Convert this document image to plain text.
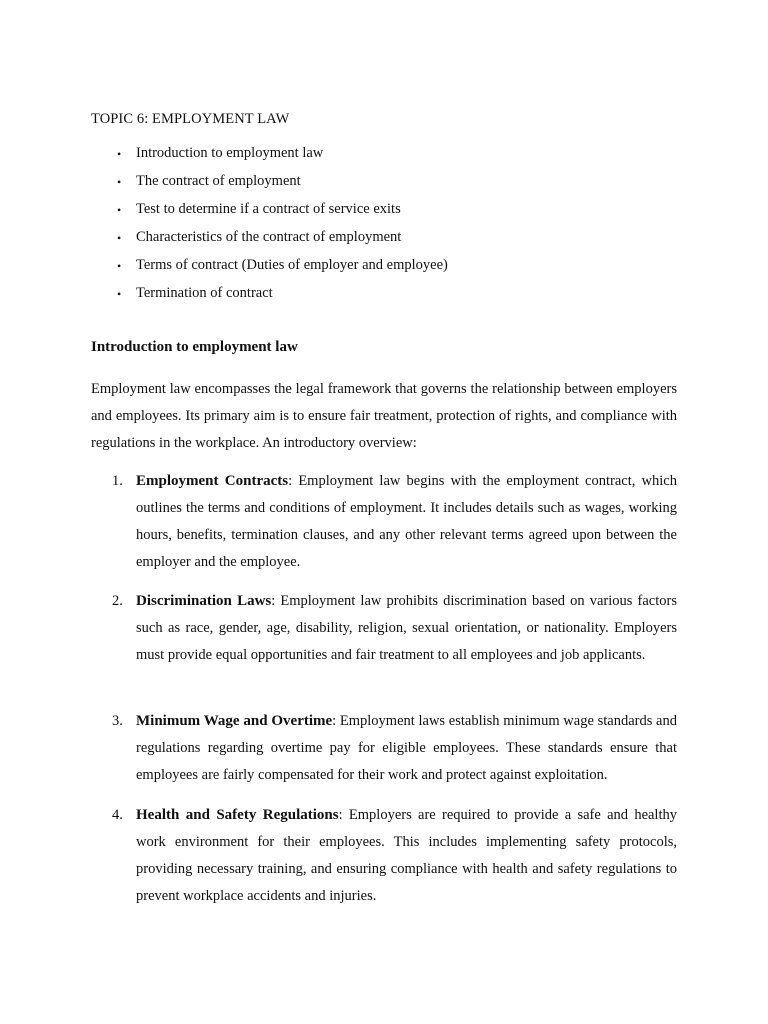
TOPIC 6: EMPLOYMENT LAW
• Introduction to employment law
• The contract of employment
• Test to determine if a contract of service exits
• Characteristics of the contract of employment
• Terms of contract (Duties of employer and employee)
• Termination of contract
Introduction to employment law

Employment law encompasses the legal framework that governs the relationship between employers and employees. Its primary aim is to ensure fair treatment, protection of rights, and compliance with regulations in the workplace. An introductory overview:

1. Employment Contracts: Employment law begins with the employment contract, which outlines the terms and conditions of employment. It includes details such as wages, working hours, benefits, termination clauses, and any other relevant terms agreed upon between the employer and the employee.
2. Discrimination Laws: Employment law prohibits discrimination based on various factors such as race, gender, age, disability, religion, sexual orientation, or nationality. Employers must provide equal opportunities and fair treatment to all employees and job applicants.
3. Minimum Wage and Overtime: Employment laws establish minimum wage standards and regulations regarding overtime pay for eligible employees. These standards ensure that employees are fairly compensated for their work and protect against exploitation.
4. Health and Safety Regulations: Employers are required to provide a safe and healthy work environment for their employees. This includes implementing safety protocols, providing necessary training, and ensuring compliance with health and safety regulations to prevent workplace accidents and injuries.
